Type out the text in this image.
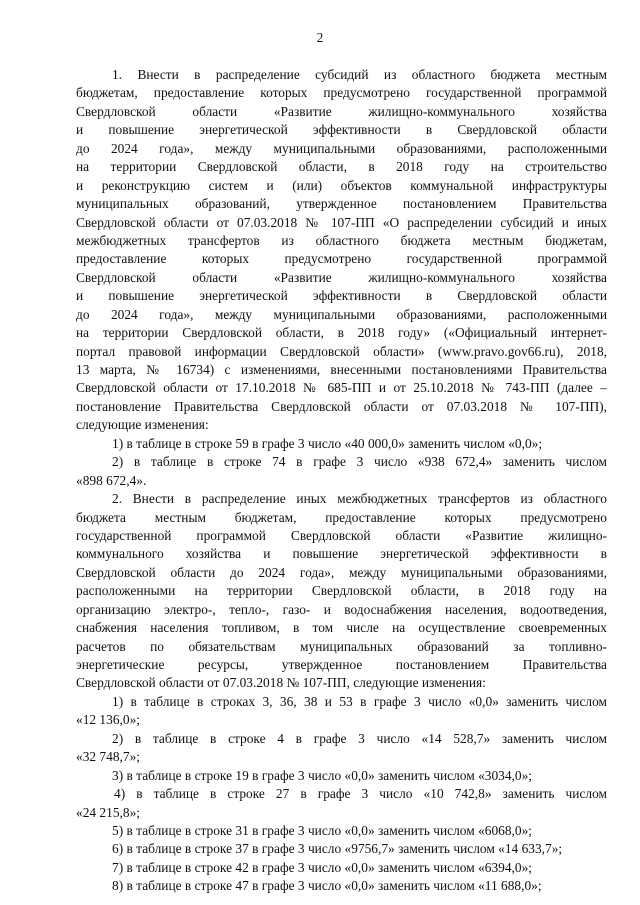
2
1. Внести в распределение субсидий из областного бюджета местным
бюджетам, предоставление которых предусмотрено государственной программой
Свердловской области «Развитие жилищно-коммунального хозяйства
и повышение энергетической эффективности в Свердловской области
до 2024 года», между муниципальными образованиями, расположенными
на территории Свердловской области, в 2018 году на строительство
и реконструкцию систем и (или) объектов коммунальной инфраструктуры
муниципальных образований, утвержденное постановлением Правительства
Свердловской области от 07.03.2018 № 107-ПП «О распределении субсидий и иных
межбюджетных трансфертов из областного бюджета местным бюджетам,
предоставление которых предусмотрено государственной программой
Свердловской области «Развитие жилищно-коммунального хозяйства
и повышение энергетической эффективности в Свердловской области
до 2024 года», между муниципальными образованиями, расположенными
на территории Свердловской области, в 2018 году» («Официальный интернет-
портал правовой информации Свердловской области» (www.pravo.gov66.ru), 2018,
13 марта, № 16734) с изменениями, внесенными постановлениями Правительства
Свердловской области от 17.10.2018 № 685-ПП и от 25.10.2018 № 743-ПП (далее –
постановление Правительства Свердловской области от 07.03.2018 № 107-ПП),
следующие изменения:
1) в таблице в строке 59 в графе 3 число «40 000,0» заменить числом «0,0»;
2) в таблице в строке 74 в графе 3 число «938 672,4» заменить числом
«898 672,4».
2. Внести в распределение иных межбюджетных трансфертов из областного
бюджета местным бюджетам, предоставление которых предусмотрено
государственной программой Свердловской области «Развитие жилищно-
коммунального хозяйства и повышение энергетической эффективности в
Свердловской области до 2024 года», между муниципальными образованиями,
расположенными на территории Свердловской области, в 2018 году на
организацию электро-, тепло-, газо- и водоснабжения населения, водоотведения,
снабжения населения топливом, в том числе на осуществление своевременных
расчетов по обязательствам муниципальных образований за топливно-
энергетические ресурсы, утвержденное постановлением Правительства
Свердловской области от 07.03.2018 № 107-ПП, следующие изменения:
1) в таблице в строках 3, 36, 38 и 53 в графе 3 число «0,0» заменить числом
«12 136,0»;
2) в таблице в строке 4 в графе 3 число «14 528,7» заменить числом
«32 748,7»;
3) в таблице в строке 19 в графе 3 число «0,0» заменить числом «3034,0»;
4) в таблице в строке 27 в графе 3 число «10 742,8» заменить числом
«24 215,8»;
5) в таблице в строке 31 в графе 3 число «0,0» заменить числом «6068,0»;
6) в таблице в строке 37 в графе 3 число «9756,7» заменить числом «14 633,7»;
7) в таблице в строке 42 в графе 3 число «0,0» заменить числом «6394,0»;
8) в таблице в строке 47 в графе 3 число «0,0» заменить числом «11 688,0»;
